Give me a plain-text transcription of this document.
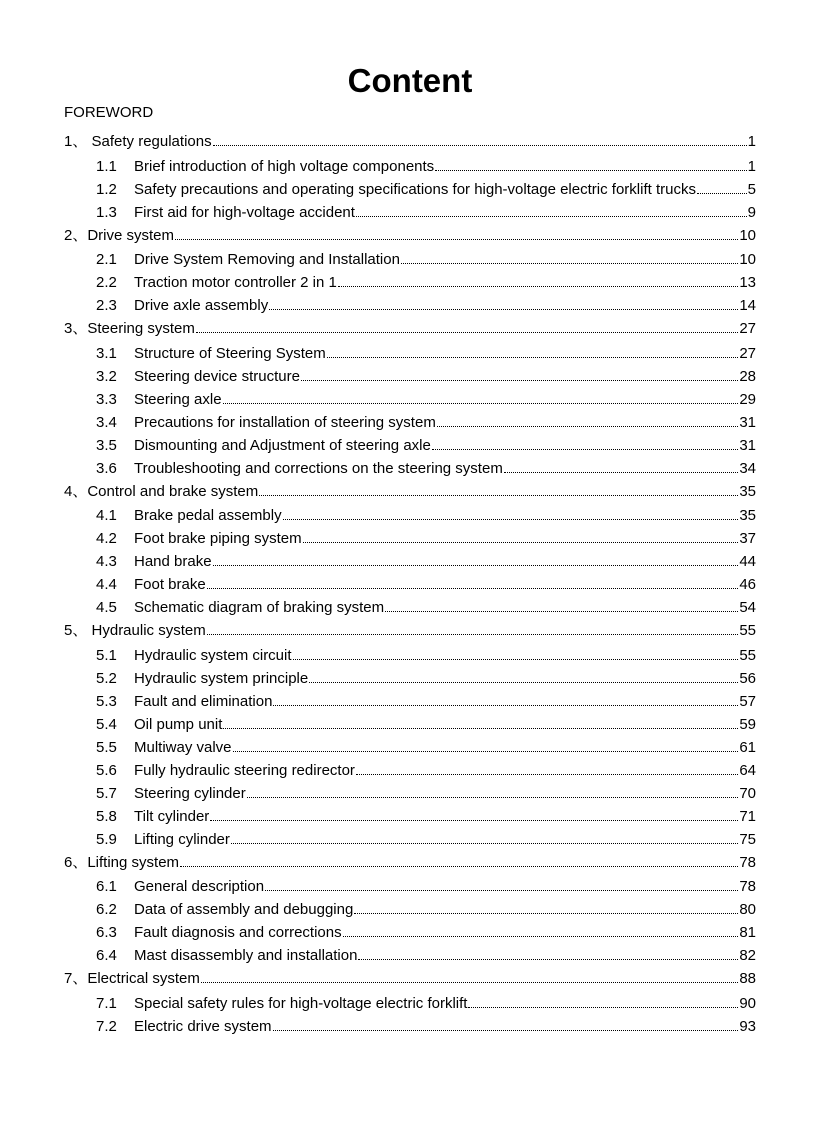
Content
FOREWORD
1、 Safety regulations	1
1.1	Brief introduction of high voltage components	1
1.2	Safety precautions and operating specifications for high-voltage electric forklift trucks	5
1.3	First aid for high-voltage accident	9
2、 Drive system	10
2.1	Drive System Removing and Installation	10
2.2	Traction motor controller 2 in 1	13
2.3	Drive axle assembly	14
3、 Steering system	27
3.1	Structure of Steering System	27
3.2	Steering device structure	28
3.3	Steering axle	29
3.4	Precautions for installation of steering system	31
3.5	Dismounting and Adjustment of steering axle	31
3.6	Troubleshooting and corrections on the steering system	34
4、 Control and brake system	35
4.1	Brake pedal assembly	35
4.2	Foot brake piping system	37
4.3	Hand brake	44
4.4	Foot brake	46
4.5	Schematic diagram of braking system	54
5、 Hydraulic system	55
5.1	Hydraulic system circuit	55
5.2	Hydraulic system principle	56
5.3	Fault and elimination	57
5.4	Oil pump unit	59
5.5	Multiway valve	61
5.6	Fully hydraulic steering redirector	64
5.7	Steering cylinder	70
5.8	Tilt cylinder	71
5.9	Lifting cylinder	75
6、 Lifting system	78
6.1	General description	78
6.2	Data of assembly and debugging	80
6.3	Fault diagnosis and corrections	81
6.4	Mast disassembly and installation	82
7、 Electrical system	88
7.1	Special safety rules for high-voltage electric forklift	90
7.2	Electric drive system	93
